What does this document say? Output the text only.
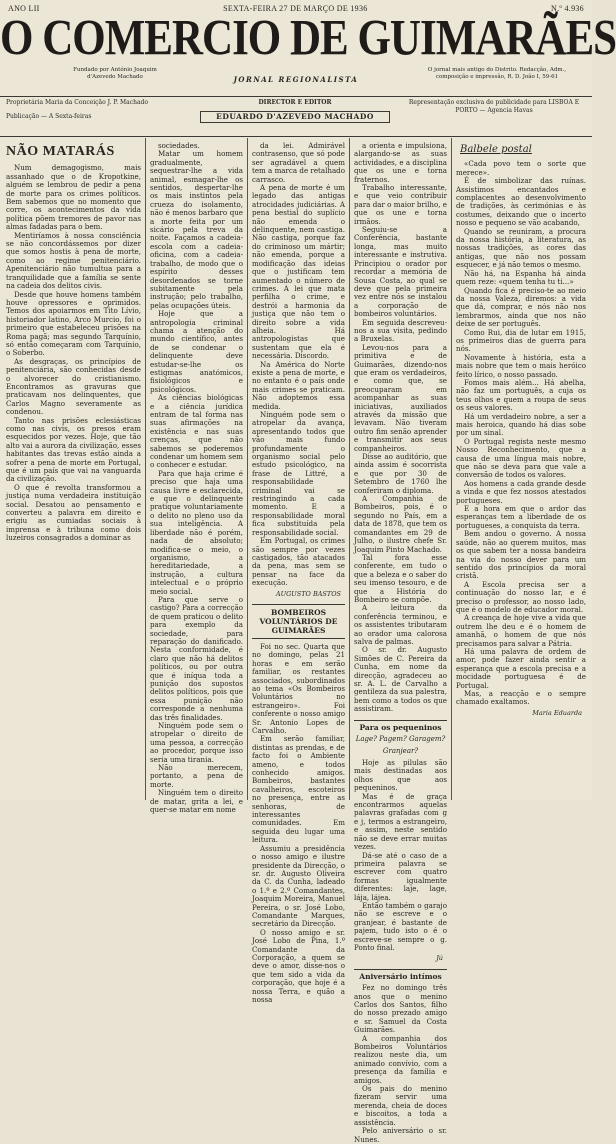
ANO LII	SEXTA-FEIRA 27 DE MARÇO DE 1936	N.º 4.936
O COMERCIO DE GUIMARÃES
Fundado por António Joaquim d'Azevedo Machado	JORNAL REGIONALISTA
O jornal mais antigo do Distrito. Redacção, Adm., composição e impressão, R. D. João I, 59-61
Proprietária Maria da Conceição J. P. Machado
Publicação — A Sexta-feiras
DIRECTOR E EDITOR
EDUARDO D'AZEVEDO MACHADO
Representação exclusiva de publicidade para LISBOA E PORTO — Agencia Havas
NÃO MATARÁS

Num demagogismo, mais assanhado que o de Kropotkine, alguém se lembrou de pedir a pena de morte para os crimes políticos. Bem sabemos que no momento que corre, os acontecimentos da vida política põem tremores de pavor nas almas fadadas para o bem.

Mentiríamos à nossa consciência se não concordássemos por dizer que somos hostis à pena de morte, como ao regime penitenciário. Apenitenciário não tumultua para a tranquilidade que a família se sente na cadeia dos delitos civis.

Desde que houve homens também houve opressores e oprimidos. Temos dos apoiarmos em Tito Lívio, historiador latino, Arco Murcio, foi o primeiro que estabeleceu prisões na Roma pagã; mas segundo Tarquínio, só então começaram com Tarquínio, o Soberbo.

As desgraças, os princípios de penitenciária, são conhecidas desde o alvorecer do cristianismo. Encontramos as gravuras que praticavam nos delinquentes, que Carlos Magno severamente as condenou.

Tanto nas prisões eclesiásticas como nas civis, os presos eram esquecidos por vezes. Hoje, que tão alto vai a aurora da civilização, esses habitantes das trevas estão ainda a sofrer a pena de morte em Portugal, que é um país que vai na vanguarda da civilização.

O que é revolta transformou a justiça numa verdadeira instituição social. Desatou ao pensamento e converteu a palavra em direito e erigiu as cumiadas sociais à imprensa e à tribuna como dois luzeiros consagrados a dominar as

sociedades.

Matar um homem gradualmente, sequestrar-lhe a vida animal, esmagar-lhe os sentidos, despertar-lhe os mais instintos pela crueza do isolamento, não é menos barbaro que a morte feita por um sicário pela treva da noite. Façamos a cadeia-escola com a cadeia-oficina, com a cadeia-trabalho, de modo que o espírito desses desordenados se torne subitamente pela instrução; pelo trabalho, pelas ocupações úteis.

Hoje que a antropologia criminal chama a atenção do mundo científico, antes de se condenar o delinquente deve estudar-se-lhe os estigmas anatómicos, fisiológicos e psicológicos.

As ciências biológicas e a ciência jurídica entram de tal forma nas suas afirmações na existência e nas suas crenças, que não sabemos se poderemos condenar um homem sem o conhecer e estudar.

Para que haja crime é preciso que haja uma causa livre e esclarecida, e que o delinquente pratique voluntariamente o delito no pleno uso da sua inteligência. A liberdade não é porém, nada de absoluto; modifica-se o meio, o organismo, a hereditariedade, a instrução, a cultura intelectual e o próprio meio social.

Para que serve o castigo? Para a correcção de quem praticou o delito para exemplo da sociedade, para reparação do danificado. Nesta conformidade, é claro que não há delitos políticos, ou por outra que é iníqua toda a punição dos supostos delitos políticos, pois que essa punição não corresponde a nenhuma das três finalidades.

Ninguém pode sem o atropelar o direito de uma pessoa, a correcção ao procedor, porque isso seria uma tirania.

Não merecem, portanto, a pena de morte.

Ninguém tem o direito de matar, grita a lei, e quer-se matar em nome

da lei. Admirável contrasenso, que só pode ser agradável a quem tem a marca de retalhado carrasco.

A pena de morte é um legado das antigas atrocidades judiciárias. A pena bestial do suplício não emenda o delinquente, nem castiga. Não castiga, porque faz do criminoso um mártir; não emenda, porque a modificação das ideias que o justificam tem aumentado o número de crimes. A lei que mata perfilha o crime, e destrói a harmonia da justiça que não tem o direito sobre a vida alheia. Há antropologistas que sustentam que ela é necessária. Discordo.

Na América do Norte existe a pena de morte, e no entanto é o país onde mais crimes se praticam. Não adoptemos essa medida.

Ninguém pode sem o atropelar da avança, apresentando todos que vão mais fundo profundamente o organismo social pelo estudo psicológico, na frase de Littré, a responsabilidade criminal vai se restringindo a cada momento. E a responsabilidade moral fica substituída pela responsabilidade social.

Em Portugal, os crimes são sempre por vezes castigados, tão atacados da pena, mas sem se pensar na face da execução.

AUGUSTO BASTOS
BOMBEIROS VOLUNTÁRIOS DE GUIMARÃES

Foi no sec. Quarta que no domingo, pelas 21 horas e em serão familiar, os restantes associados, subordinados ao tema «Os Bombeiros Voluntários no estrangeiro». Foi conferente o nosso amigo Sr. Antonio Lopes de Carvalho.

Em serão familiar, distintas as prendas, e de facto foi o Ambiente ameno, e todos conhecido amigos. Bombeiros, bastantes cavalheiros, escoteiros no presença, entre as senhoras, de interessantes comunidades. Em seguida deu lugar uma leitura.

Assumiu a presidência o nosso amigo e ilustre presidente da Direcção, o sr. dr. Augusto Oliveira da C. da Cunha, ladeado o 1.º e 2.º Comandantes, Joaquim Moreira, Manuel Pereira, o sr. José Lobo, Comandante Marques, secretário da Direcção.

O nosso amigo e sr. José Lobo de Pina, 1.º Comandante da Corporação, a quem se deve o amor, disse-nos o que tem sido a vida da corporação, que hoje é a nossa Terra, e quão a nossa

a orienta e impulsiona, alargando-se as suas actividades, e a disciplina que os une e torna fraternos.

Trabalho interessante, e que veio contribuir para dar o maior brilho, e que os une e torna irmãos.

Seguiu-se a Conferência, bastante longa, mas muito interessante e instrutiva. Principiou o orador por recordar a memória de Sousa Costa, ao qual se deve que pela primeira vez entre nós se instalou a corporação de bombeiros voluntários.

Em seguida descreveu-nos a sua visita, pedindo a Bruxelas.

Levou-nos para a primitiva e de Guimarães, dizendo-nos que eram os verdadeiros, e como que, se preocuparam em acompanhar as suas iniciativas, auxiliados através da missão que levavam. Não tiveram outro fim senão aprender e transmitir aos seus companheiros.

Disse ao auditório, que ainda assim é socorrista e que por 30 de Setembro de 1760 lhe conferiram o diploma.

A Companhia de Bombeiros, pois, é o segundo no País, em a data de 1878, que tem os comandantes em 29 de Julho, o ilustre chefe Sr. Joaquim Pinto Machado.

Tal fora esse conferente, em tudo o que a beleza e o saber do seu imenso tesouro, e de que a História do Bombeiro se compõe.

A leitura da conferência terminou, e os assistentes tributaram ao orador uma calorosa salva de palmas.

O sr. dr. Augusto Simões de C. Pereira da Cunha, em nome da direcção, agradeceu ao sr. A. L. de Carvalho a gentileza da sua palestra, bem como a todos os que assistiram.

Para os pequeninos
Lage? Pagem? Garagem?
Granjear?

Hoje as pilulas são mais destinadas aos olhos que aos pequeninos.

Mas é de graça encontrarmos aquelas palavras grafadas com g e j, termos a estrangeiro, e assim, neste sentido não se deve errar muitas vezes.

Dá-se até o caso de a primeira palavra se escrever com quatro formas igualmente diferentes: laje, lage, lája, lájea.

Então também o garajo não se escreve e o granjear, é bastante de pajem, tudo isto o é o escreve-se sempre o g. Ponto final.

Jú
Aniversário intímos

Fez no domingo três anos que o menino Carlos dos Santos, filho do nosso prezado amigo e sr. Samuel da Costa Guimarães.

A companhia dos Bombeiros Voluntários realizou neste dia, um animado convívio, com a presença da família e amigos.

Os pais do menino fizeram servir uma merenda, cheia de doces e biscoitos, a toda a assistência.

Pelo aniversário o sr. Nunes.

Balbele postal

«Cada povo tem o sorte que merece».

É de simbolizar das ruínas. Assistimos encantados e complacentes ao desenvolvimento de tradições, às cerimónias e às costumes, deixando que o incerto nosso e pequeno se vão acabando,

Quando se reuniram, a procura da nossa história, a literatura, as nossas tradições, as cores das antigas, que não nos possam esquecer, e já não temos o mesmo.

Não há, na Espanha há ainda quem reze: «quem tenha tu ti...»

Quando fica é preciso-te ao meio da nossa Valeza, diremos: a vida que dá, comprar, e nós não nos lembrarmos, ainda que nos não deixe de ser português.

Como Rui, dia de lutar em 1915, os primeiros dias de guerra para nós.

Novamente à história, esta a mais nobre que tem o mais heróico feito lírico, o nosso passado.

Fomos mais além... Há abelha, não faz um português, a cuja os teus olhos e quem a roupa de seus os seus valores.

Há um verdadeiro nobre, a ser a mais heroica, quando há dias sobe por um sinal.

O Portugal regista neste mesmo Nosso Reconhecimento, que a causa de uma língua mais nobre, que não se deva para que vale a conversão de todos os valores.

Aos homens a cada grande desde a vinda e que fez nossos atestados portugueses.

E a hora em que o ardor das esperanças tem a liberdade de os portugueses, a conquista da terra.

Bem andou o governo. A nossa saúde, não ao querem muitos, mas os que sabem ter a nossa bandeira na via do nosso dever para um sentido dos princípios da moral cristã.

A Escola precisa ser a continuação do nosso lar, e é preciso o professor, ao nosso lado, que é o modelo de educador moral.

A creança de hoje vive a vida que outrem lhe deu e é o homem de amanhã, o homem de que nós precisamos para salvar a Pátria.

Há uma palavra de ordem de amor, pode fazer ainda sentir a esperança que a escola precisa e a mocidade portuguesa é de Portugal.

Mas, a reacção e o sempre chamado exaltamos.

Maria Eduarda
